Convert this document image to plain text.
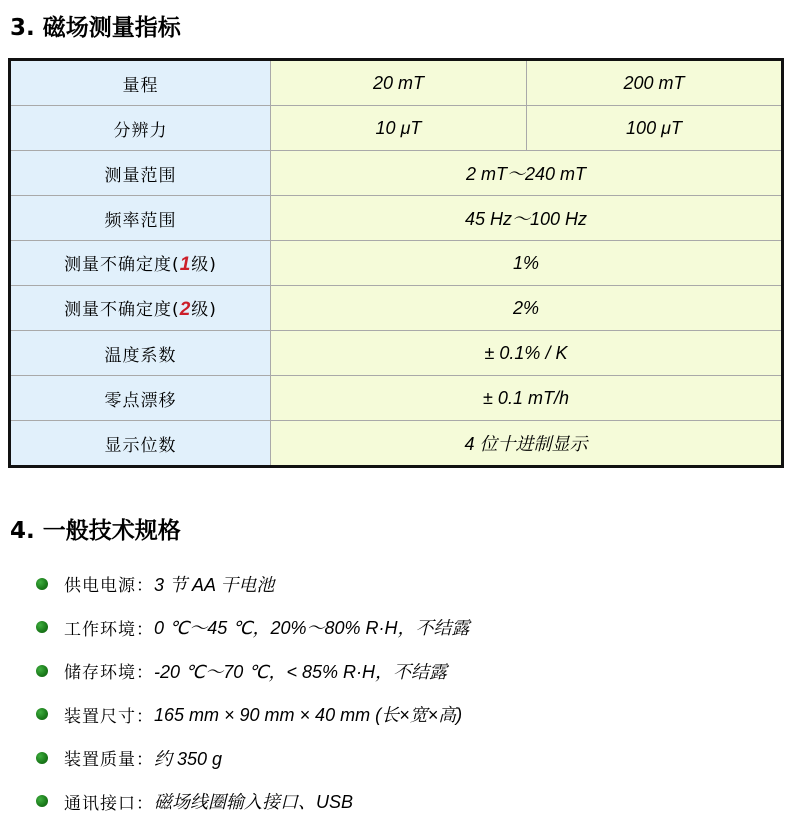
3. 磁场测量指标
量程	20 mT	200 mT
分辨力	10 μT	100 μT
测量范围	2 mT～240 mT	
频率范围	45 Hz～100 Hz	
测量不确定度(1级)	1%	
测量不确定度(2级)	2%	
温度系数	± 0.1% / K	
零点漂移	± 0.1 mT/h	
显示位数	4 位十进制显示	
4. 一般技术规格
供电电源： 3 节 AA 干电池
工作环境： 0 ℃～45 ℃，20%～80% R·H，不结露
储存环境： -20 ℃～70 ℃，< 85% R·H，不结露
装置尺寸： 165 mm × 90 mm × 40 mm (长×宽×高)
装置质量： 约 350 g
通讯接口： 磁场线圈输入接口、USB
